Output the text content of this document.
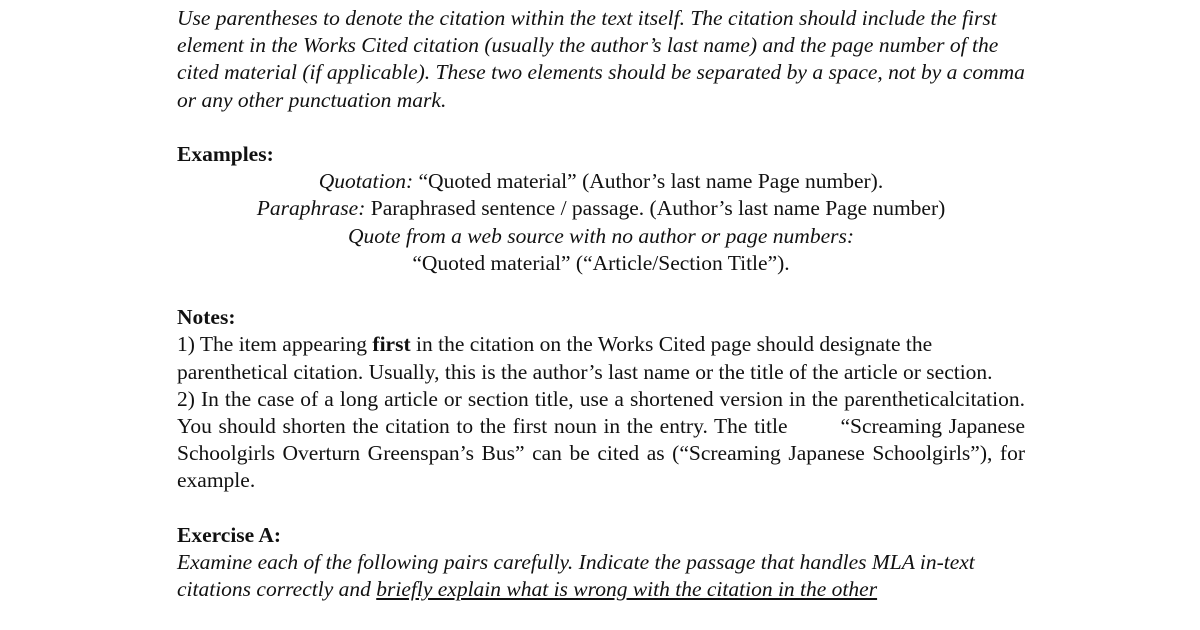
Use parentheses to denote the citation within the text itself. The citation should include the first element in the Works Cited citation (usually the author’s last name) and the page number of the cited material (if applicable). These two elements should be separated by a space, not by a comma or any other punctuation mark.

Examples:
Quotation: “Quoted material” (Author’s last name Page number).
Paraphrase: Paraphrased sentence / passage. (Author’s last name Page number)
Quote from a web source with no author or page numbers:
“Quoted material” (“Article/Section Title”).
Notes:

1) The item appearing first in the citation on the Works Cited page should designate the parenthetical citation. Usually, this is the author’s last name or the title of the article or section.

2) In the case of a long article or section title, use a shortened version in the parentheticalcitation. You should shorten the citation to the first noun in the entry. The title        “Screaming Japanese Schoolgirls Overturn Greenspan’s Bus” can be cited as (“Screaming Japanese Schoolgirls”), for example.

Exercise A:

Examine each of the following pairs carefully. Indicate the passage that handles MLA in-text citations correctly and briefly explain what is wrong with the citation in the other
